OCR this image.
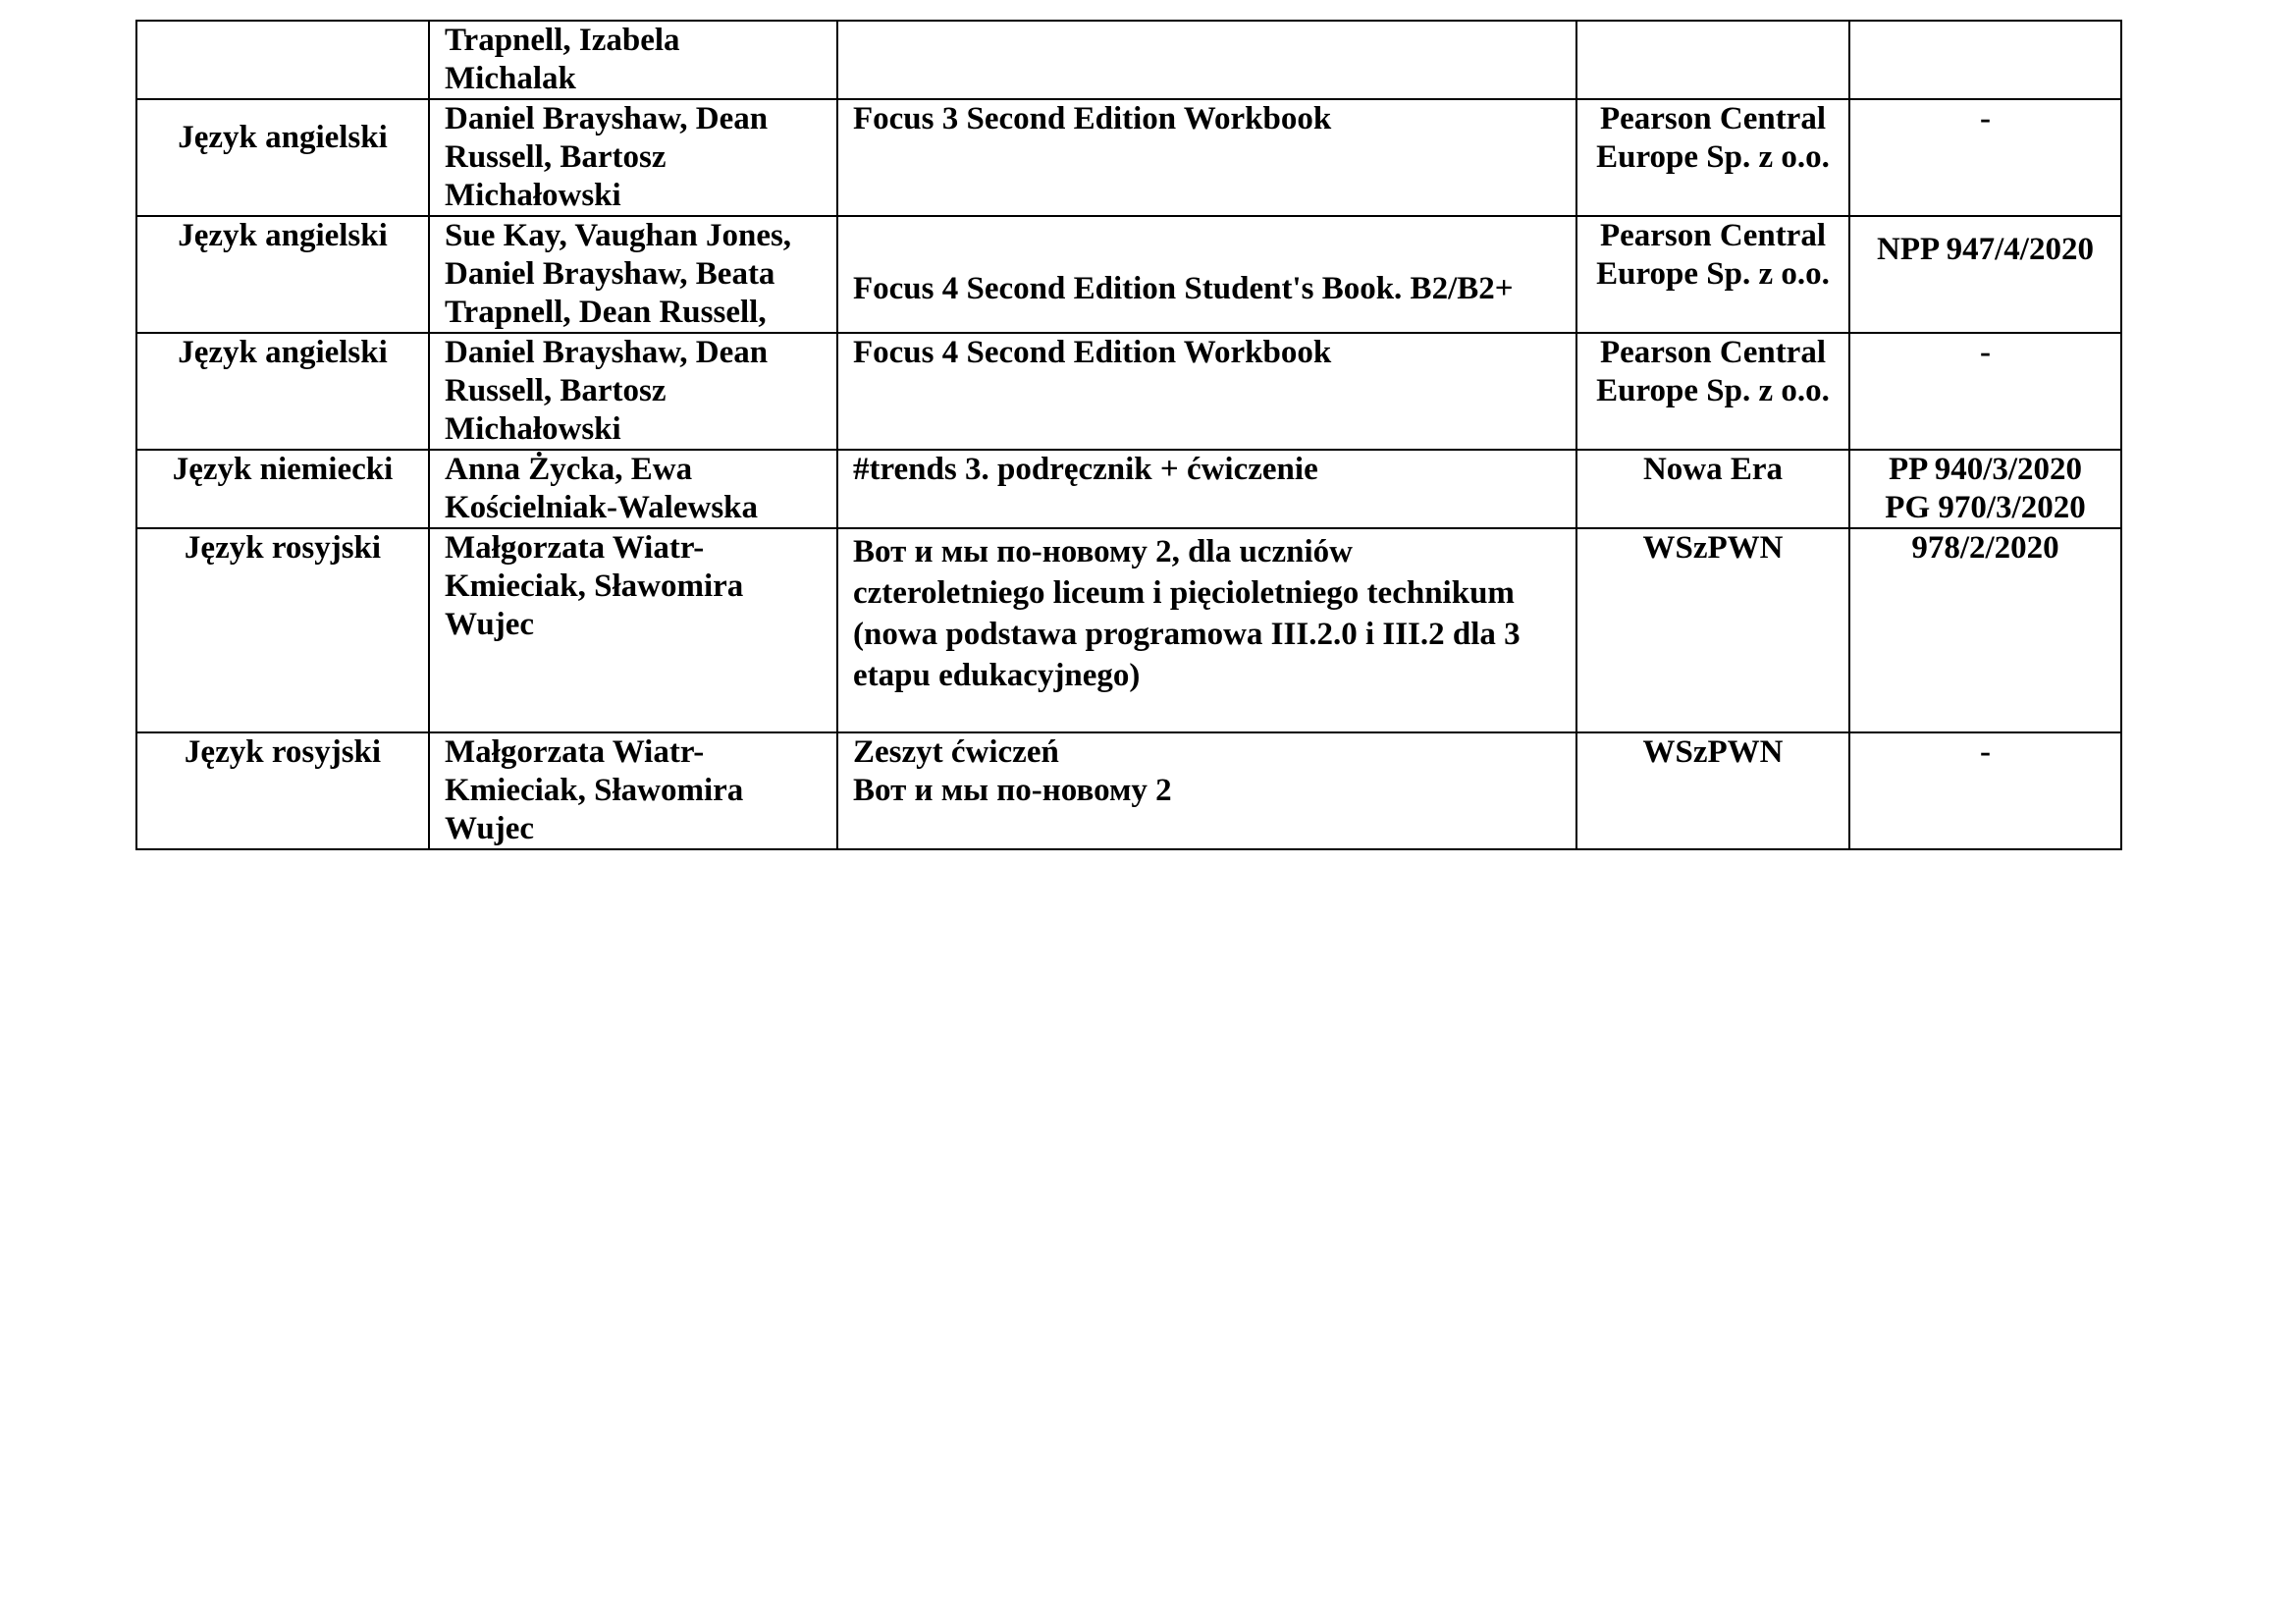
	Trapnell, Izabela
Michalak			

Język angielski	Daniel Brayshaw, Dean
Russell, Bartosz
Michałowski	Focus 3 Second Edition Workbook	Pearson Central
Europe Sp. z o.o.	-

Język angielski	Sue Kay, Vaughan Jones,
Daniel Brayshaw, Beata
Trapnell, Dean Russell,	Focus 4 Second Edition Student's Book. B2/B2+	Pearson Central
Europe Sp. z o.o.	NPP 947/4/2020

Język angielski	Daniel Brayshaw, Dean
Russell, Bartosz Michałowski	Focus 4 Second Edition Workbook	Pearson Central
Europe Sp. z o.o.	-

Język niemiecki	Anna Życka, Ewa
Kościelniak-Walewska	#trends 3. podręcznik + ćwiczenie	Nowa Era	PP 940/3/2020
PG 970/3/2020

Język rosyjski	Małgorzata Wiatr-
Kmieciak, Sławomira
Wujec	Вот и мы по-новому 2, dla uczniów
czteroletniego liceum i pięcioletniego technikum
(nowa podstawa programowa III.2.0 i III.2 dla 3
etapu edukacyjnego)	WSzPWN	978/2/2020

Język rosyjski	Małgorzata Wiatr-
Kmieciak, Sławomira
Wujec	Zeszyt ćwiczeń
Вот и мы по-новому 2	WSzPWN	-
